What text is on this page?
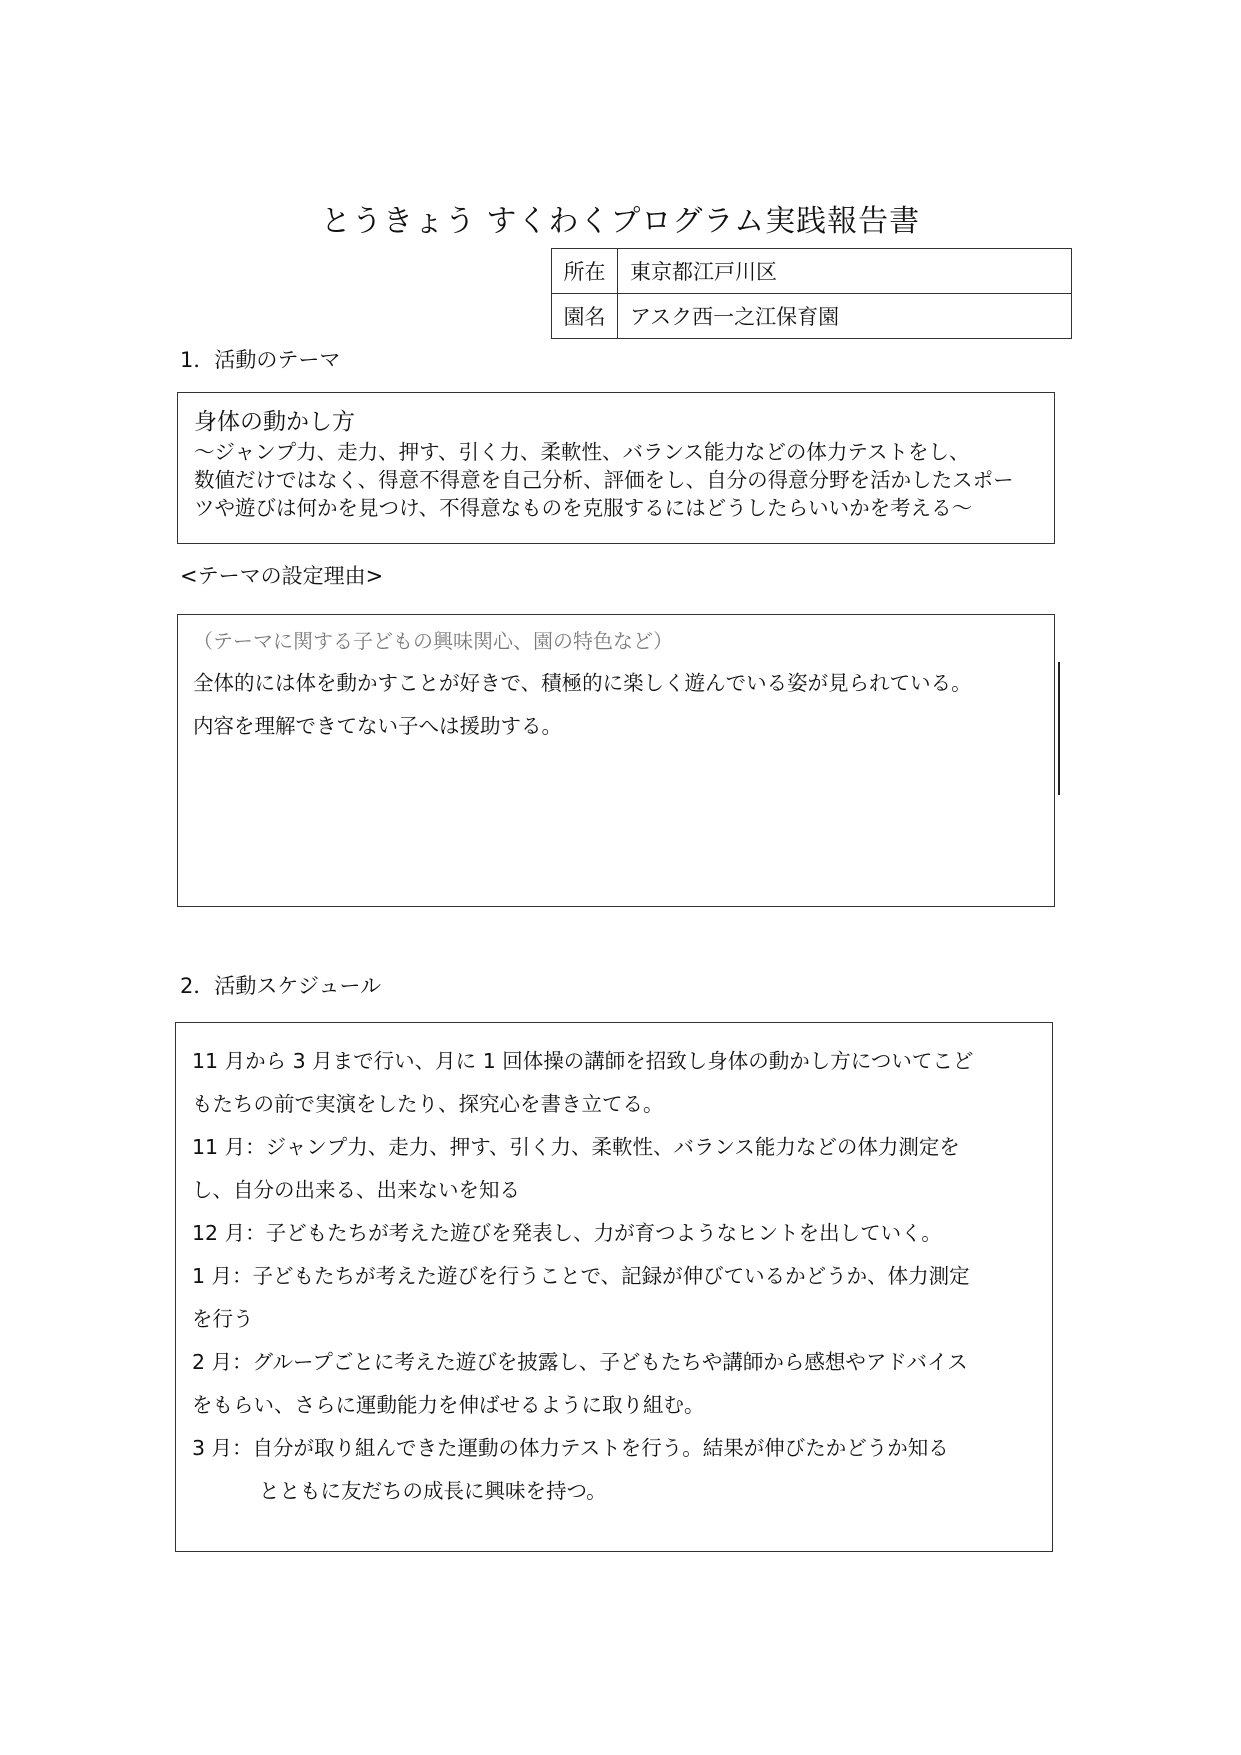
とうきょう すくわくプログラム実践報告書
所在	東京都江戸川区
園名	アスク西一之江保育園
1．活動のテーマ
身体の動かし方
～ジャンプ力、走力、押す、引く力、柔軟性、バランス能力などの体力テストをし、
数値だけではなく、得意不得意を自己分析、評価をし、自分の得意分野を活かしたスポー
ツや遊びは何かを見つけ、不得意なものを克服するにはどうしたらいいかを考える～
<テーマの設定理由>
（テーマに関する子どもの興味関心、園の特色など）

全体的には体を動かすことが好きで、積極的に楽しく遊んでいる姿が見られている。

内容を理解できてない子へは援助する。

2．活動スケジュール

11 月から 3 月まで行い、月に 1 回体操の講師を招致し身体の動かし方についてこど

もたちの前で実演をしたり、探究心を書き立てる。

11 月：ジャンプ力、走力、押す、引く力、柔軟性、バランス能力などの体力測定を

し、自分の出来る、出来ないを知る

12 月：子どもたちが考えた遊びを発表し、力が育つようなヒントを出していく。

1 月：子どもたちが考えた遊びを行うことで、記録が伸びているかどうか、体力測定

を行う

2 月：グループごとに考えた遊びを披露し、子どもたちや講師から感想やアドバイス

をもらい、さらに運動能力を伸ばせるように取り組む。

3 月：自分が取り組んできた運動の体力テストを行う。結果が伸びたかどうか知る

とともに友だちの成長に興味を持つ。
